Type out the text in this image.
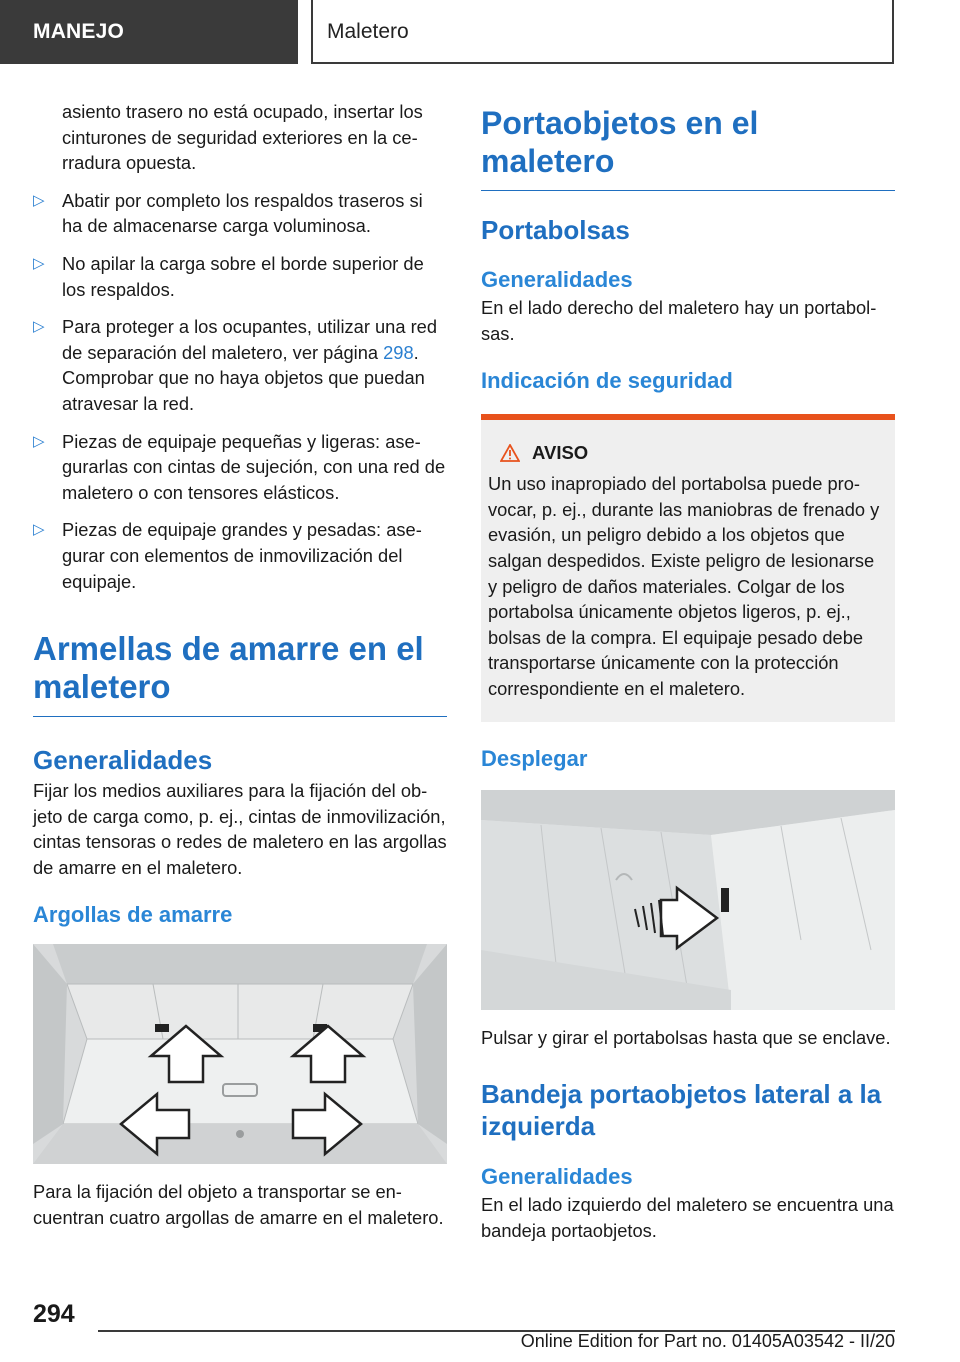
MANEJO	Maletero

asiento trasero no está ocupado, insertar los cinturones de seguridad exteriores en la cerradura opuesta.

▷ Abatir por completo los respaldos traseros si ha de almacenarse carga voluminosa.
▷ No apilar la carga sobre el borde superior de los respaldos.
▷ Para proteger a los ocupantes, utilizar una red de separación del maletero, ver página 298. Comprobar que no haya objetos que puedan atravesar la red.
▷ Piezas de equipaje pequeñas y ligeras: asegurarlas con cintas de sujeción, con una red de maletero o con tensores elásticos.
▷ Piezas de equipaje grandes y pesadas: asegurar con elementos de inmovilización del equipaje.
Armellas de amarre en el maletero
Generalidades

Fijar los medios auxiliares para la fijación del objeto de carga como, p. ej., cintas de inmovilización, cintas tensoras o redes de maletero en las argollas de amarre en el maletero.

Argollas de amarre

Para la fijación del objeto a transportar se encuentran cuatro argollas de amarre en el maletero.

Portaobjetos en el maletero
Portabolsas
Generalidades

En el lado derecho del maletero hay un portabolsas.

Indicación de seguridad
AVISO

Un uso inapropiado del portabolsa puede provocar, p. ej., durante las maniobras de frenado y evasión, un peligro debido a los objetos que salgan despedidos. Existe peligro de lesionarse y peligro de daños materiales. Colgar de los portabolsa únicamente objetos ligeros, p. ej., bolsas de la compra. El equipaje pesado debe transportarse únicamente con la protección correspondiente en el maletero.

Desplegar

Pulsar y girar el portabolsas hasta que se enclave.

Bandeja portaobjetos lateral a la izquierda
Generalidades

En el lado izquierdo del maletero se encuentra una bandeja portaobjetos.

294
Online Edition for Part no. 01405A03542 - II/20
